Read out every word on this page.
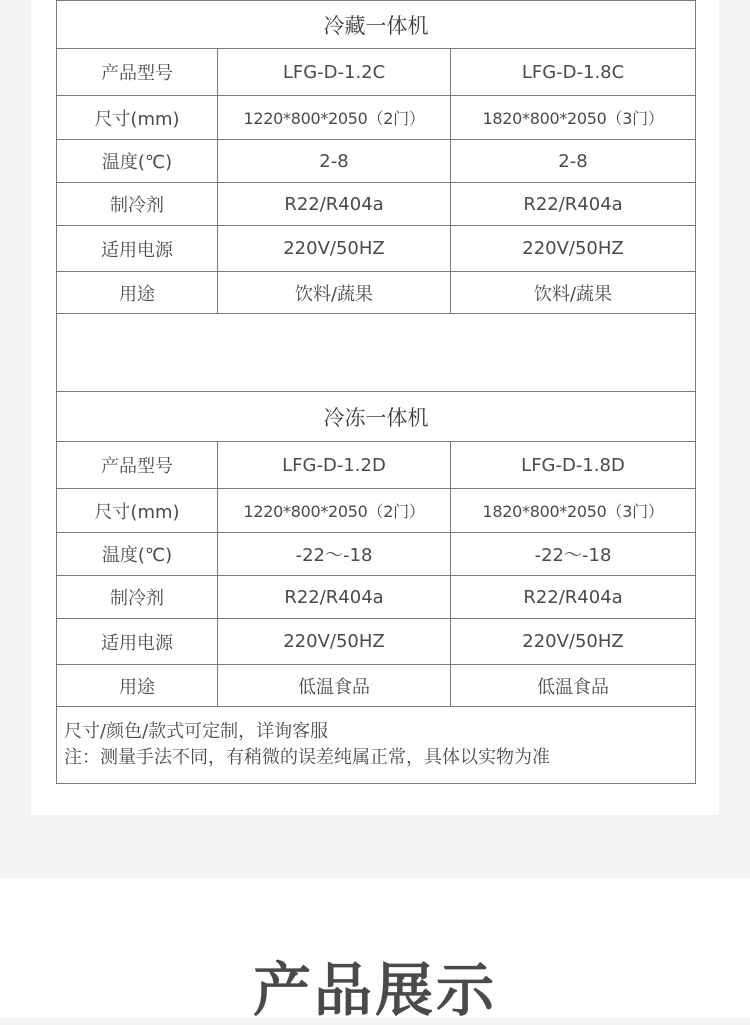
冷藏一体机		
产品型号	LFG-D-1.2C	LFG-D-1.8C
尺寸(mm)	1220*800*2050（2门）	1820*800*2050（3门）
温度(℃)	2-8	2-8
制冷剂	R22/R404a	R22/R404a
适用电源	220V/50HZ	220V/50HZ
用途	饮料/蔬果	饮料/蔬果

冷冻一体机		
产品型号	LFG-D-1.2D	LFG-D-1.8D
尺寸(mm)	1220*800*2050（2门）	1820*800*2050（3门）
温度(℃)	-22～-18	-22～-18
制冷剂	R22/R404a	R22/R404a
适用电源	220V/50HZ	220V/50HZ
用途	低温食品	低温食品

尺寸/颜色/款式可定制，详询客服
注：测量手法不同，有稍微的误差纯属正常，具体以实物为准		
产品展示
